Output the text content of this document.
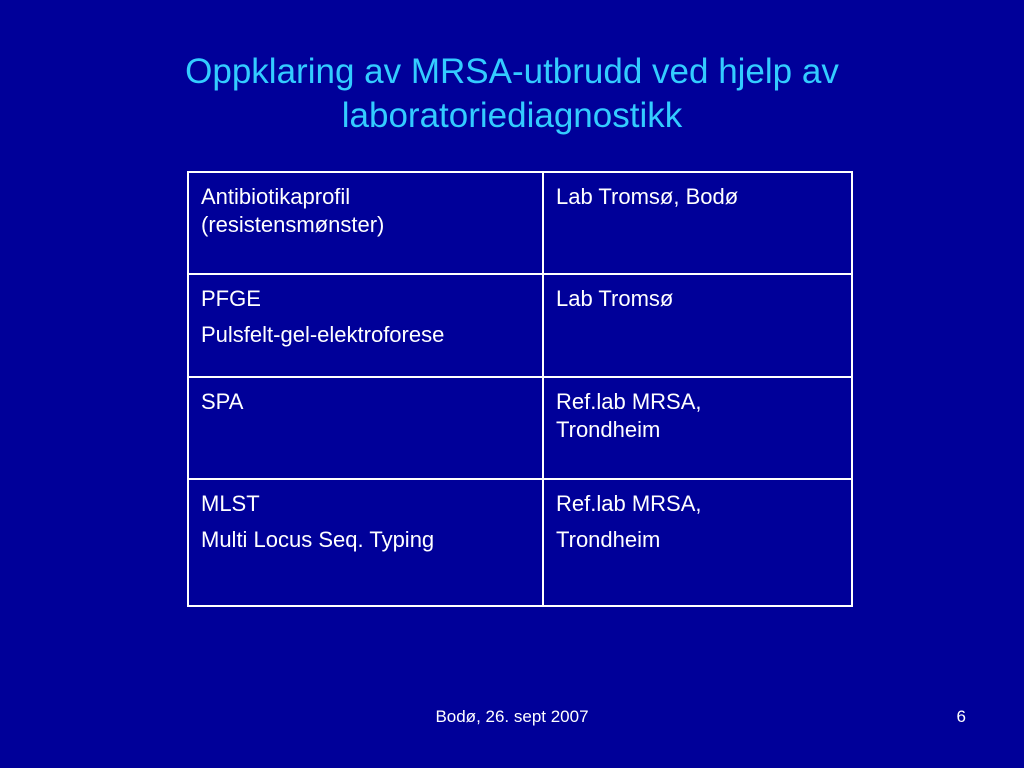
Oppklaring av MRSA-utbrudd ved hjelp av
laboratoriediagnostikk
Antibiotikaprofil
(resistensmønster)	Lab Tromsø, Bodø

PFGE
Pulsfelt-gel-elektroforese	Lab Tromsø

SPA	Ref.lab MRSA,
Trondheim

MLST
Multi Locus Seq. Typing	Ref.lab MRSA,
Trondheim
Bodø, 26. sept 2007	6
